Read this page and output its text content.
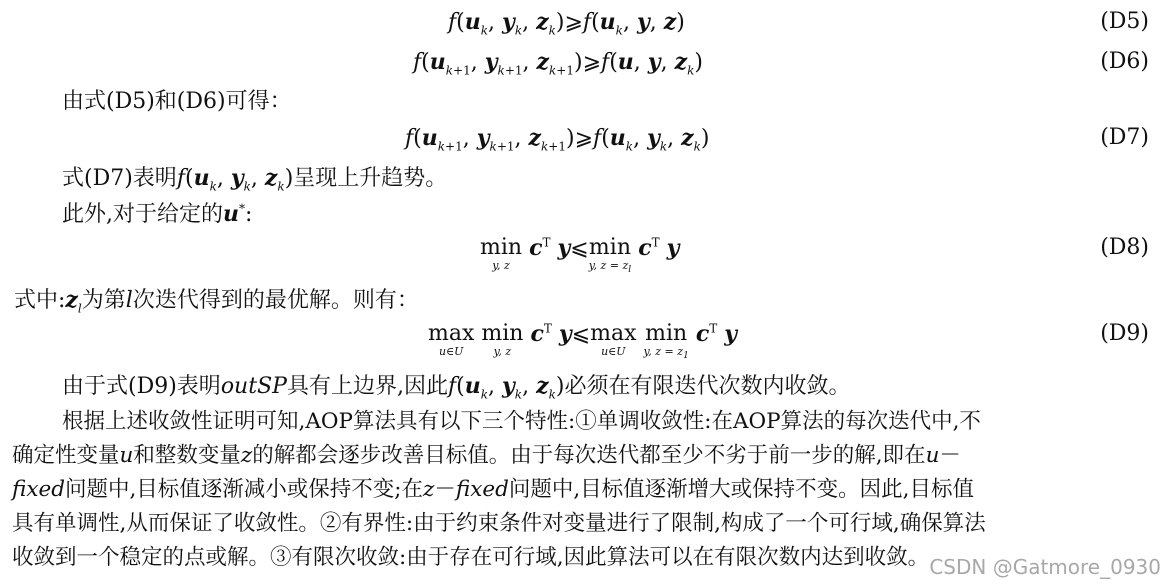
$f(u_k$, $y_k$, $z_k)⩾f(u_k$, y, z)	(D5)
$f(u_{k+1}$, $y_{k+1}$, $z_{k+1})⩾f(u$, y, $z_k$)	(D6)
由式(D5)和(D6)可得：
$f(u_{k+1}$, $y_{k+1}$, $z_{k+1})⩾f(u_k$, $y_k$, $z_k$)	(D7)
式(D7)表明$f(u_k$, $y_k$, $z_k$)呈现上升趋势。
此外,对于给定的u*:
min
y, z
$c^T$ y⩽ min
y, $z = z_l$
$c^T$ y	(D8)
式中$:z_l$为第l次迭代得到的最优解。则有：
max
u∈U

min
y, z
$c^T$ y⩽ max
u∈U

min
y, $z = z_1$
$c^T$ y	(D9)
由于式(D9)表明outSP具有上边界,因此$f(u_k$, $y_k$, $z_k$)必须在有限迭代次数内收敛。
根据上述收敛性证明可知,AOP算法具有以下三个特性:①单调收敛性:在AOP算法的每次迭代中,不
确定性变量u和整数变量z的解都会逐步改善目标值。由于每次迭代都至少不劣于前一步的解,即在u－
fixed问题中,目标值逐渐减小或保持不变;在z－fixed问题中,目标值逐渐增大或保持不变。因此,目标值
具有单调性,从而保证了收敛性。②有界性:由于约束条件对变量进行了限制,构成了一个可行域,确保算法
收敛到一个稳定的点或解。③有限次收敛:由于存在可行域,因此算法可以在有限次数内达到收敛。 CSDN @Gatmore_0930
